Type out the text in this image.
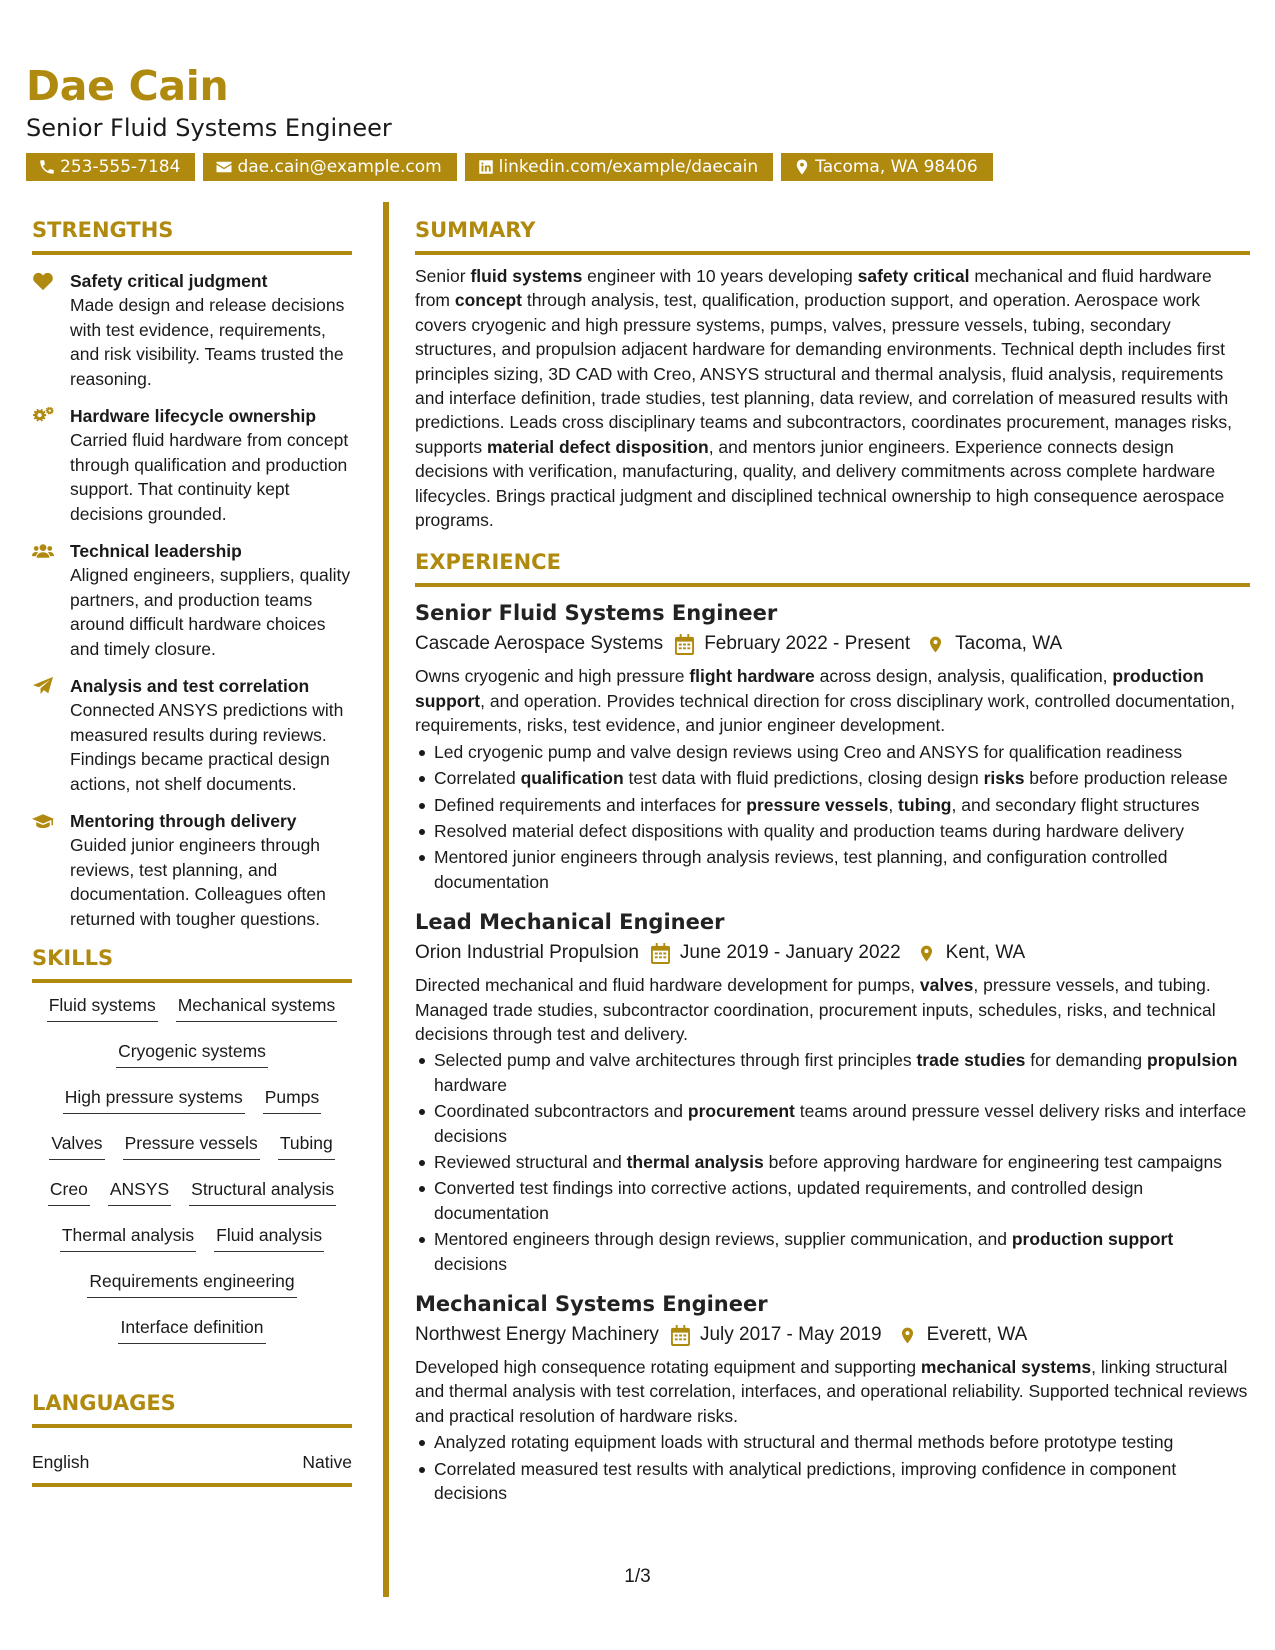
Dae Cain
Senior Fluid Systems Engineer
253-555-7184	dae.cain@example.com	linkedin.com/example/daecain	Tacoma, WA 98406
STRENGTHS
Safety critical judgment
Made design and release decisions with test evidence, requirements, and risk visibility. Teams trusted the reasoning.
Hardware lifecycle ownership
Carried fluid hardware from concept through qualification and production support. That continuity kept decisions grounded.
Technical leadership
Aligned engineers, suppliers, quality partners, and production teams around difficult hardware choices and timely closure.
Analysis and test correlation
Connected ANSYS predictions with measured results during reviews. Findings became practical design actions, not shelf documents.
Mentoring through delivery
Guided junior engineers through reviews, test planning, and documentation. Colleagues often returned with tougher questions.
SKILLS
Fluid systems Mechanical systems
Cryogenic systems
High pressure systems Pumps
Valves Pressure vessels Tubing
Creo ANSYS Structural analysis
Thermal analysis Fluid analysis
Requirements engineering
Interface definition
LANGUAGES
English	Native
SUMMARY
Senior fluid systems engineer with 10 years developing safety critical mechanical and fluid hardware from concept through analysis, test, qualification, production support, and operation. Aerospace work covers cryogenic and high pressure systems, pumps, valves, pressure vessels, tubing, secondary structures, and propulsion adjacent hardware for demanding environments. Technical depth includes first principles sizing, 3D CAD with Creo, ANSYS structural and thermal analysis, fluid analysis, requirements and interface definition, trade studies, test planning, data review, and correlation of measured results with predictions. Leads cross disciplinary teams and subcontractors, coordinates procurement, manages risks, supports material defect disposition, and mentors junior engineers. Experience connects design decisions with verification, manufacturing, quality, and delivery commitments across complete hardware lifecycles. Brings practical judgment and disciplined technical ownership to high consequence aerospace programs.
EXPERIENCE
Senior Fluid Systems Engineer
Cascade Aerospace Systems February 2022 - Present Tacoma, WA
Owns cryogenic and high pressure flight hardware across design, analysis, qualification, production support, and operation. Provides technical direction for cross disciplinary work, controlled documentation, requirements, risks, test evidence, and junior engineer development.
Led cryogenic pump and valve design reviews using Creo and ANSYS for qualification readiness
Correlated qualification test data with fluid predictions, closing design risks before production release
Defined requirements and interfaces for pressure vessels, tubing, and secondary flight structures
Resolved material defect dispositions with quality and production teams during hardware delivery
Mentored junior engineers through analysis reviews, test planning, and configuration controlled documentation
Lead Mechanical Engineer
Orion Industrial Propulsion June 2019 - January 2022 Kent, WA
Directed mechanical and fluid hardware development for pumps, valves, pressure vessels, and tubing. Managed trade studies, subcontractor coordination, procurement inputs, schedules, risks, and technical decisions through test and delivery.
Selected pump and valve architectures through first principles trade studies for demanding propulsion hardware
Coordinated subcontractors and procurement teams around pressure vessel delivery risks and interface decisions
Reviewed structural and thermal analysis before approving hardware for engineering test campaigns
Converted test findings into corrective actions, updated requirements, and controlled design documentation
Mentored engineers through design reviews, supplier communication, and production support decisions
Mechanical Systems Engineer
Northwest Energy Machinery July 2017 - May 2019 Everett, WA
Developed high consequence rotating equipment and supporting mechanical systems, linking structural and thermal analysis with test correlation, interfaces, and operational reliability. Supported technical reviews and practical resolution of hardware risks.
Analyzed rotating equipment loads with structural and thermal methods before prototype testing
Correlated measured test results with analytical predictions, improving confidence in component decisions
1/3
